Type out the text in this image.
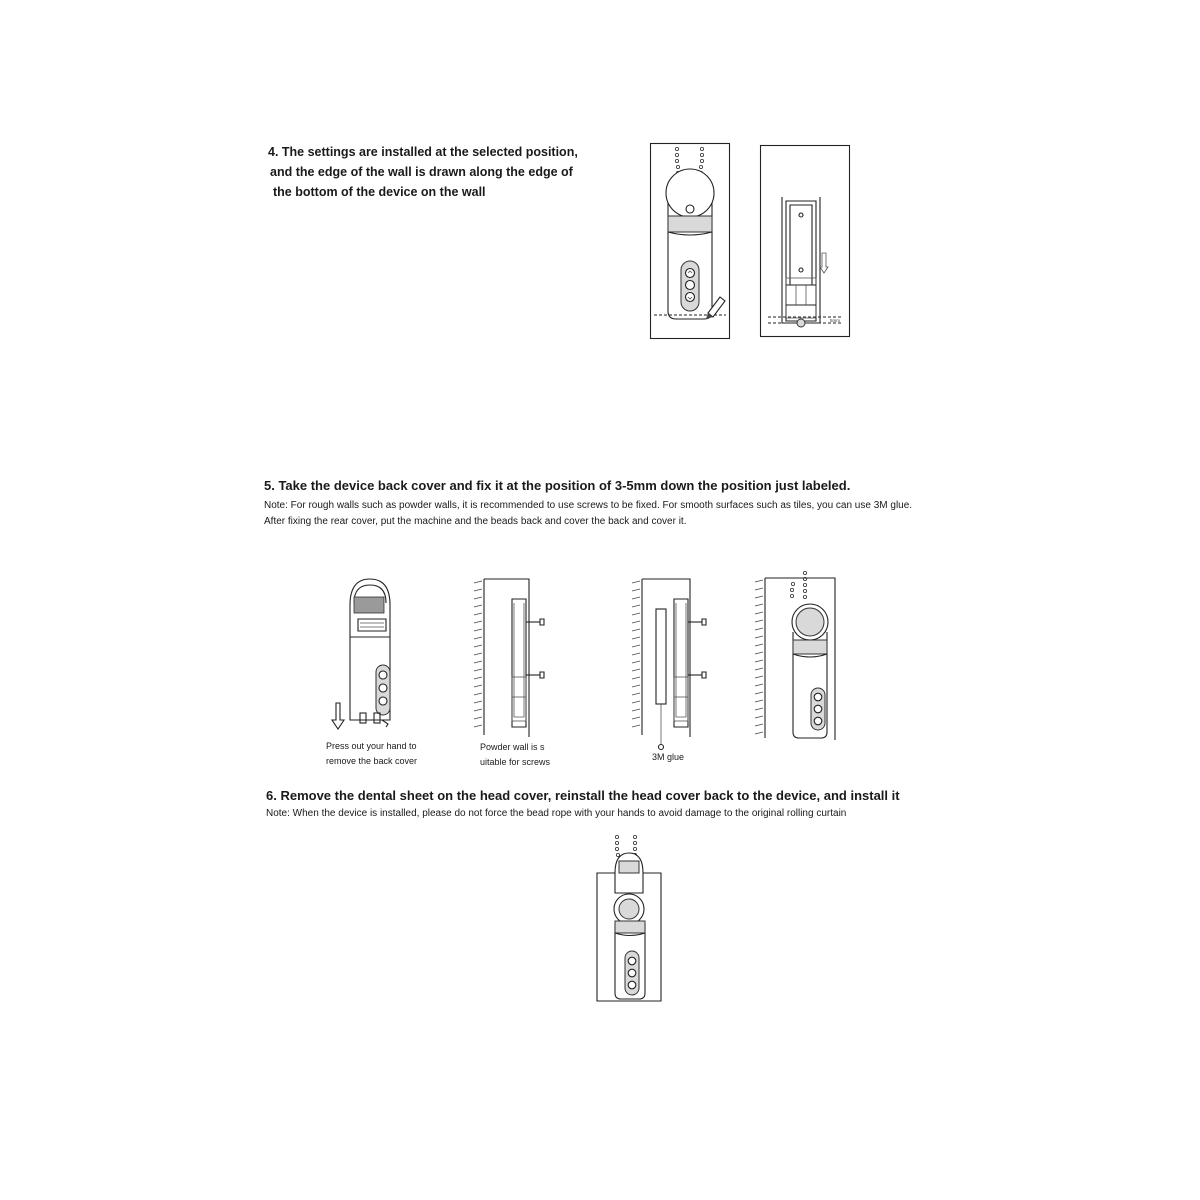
4. The settings are installed at the selected position,
and the edge of the wall is drawn along the edge of
the bottom of the device on the wall
5mm
5. Take the device back cover and fix it at the position of 3-5mm down the position just labeled.
Note: For rough walls such as powder walls, it is recommended to use screws to be fixed. For smooth surfaces such as tiles, you can use 3M glue.
After fixing the rear cover, put the machine and the beads back and cover the back and cover it.
Press out your hand to
remove the back cover
Powder wall is s
uitable for screws	3M glue
6. Remove the dental sheet on the head cover, reinstall the head cover back to the device, and install it
Note: When the device is installed, please do not force the bead rope with your hands to avoid damage to the original rolling curtain
